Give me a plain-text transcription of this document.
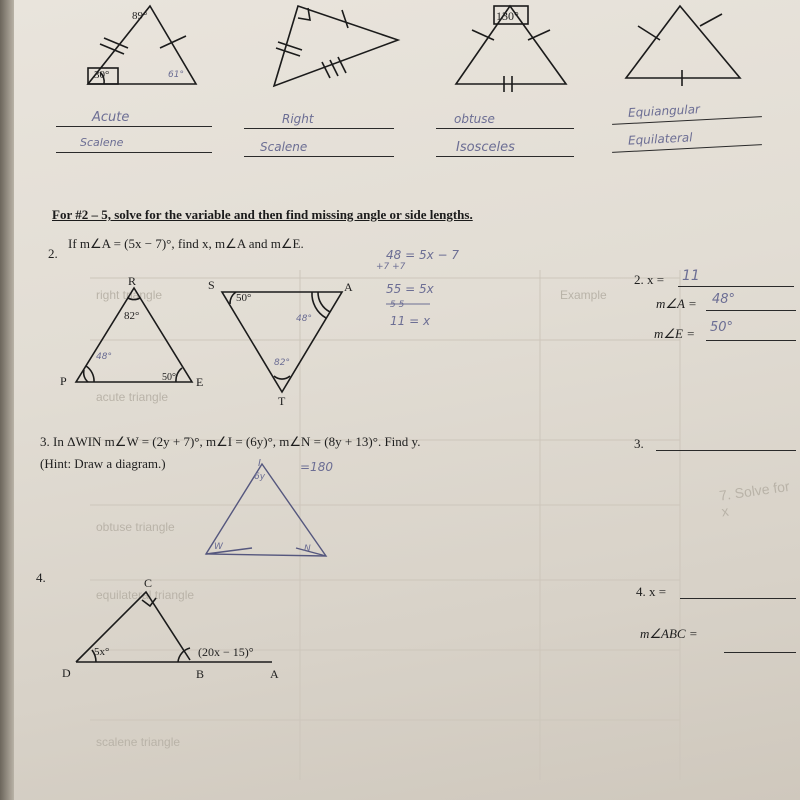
right triangle
acute triangle
obtuse triangle
equilateral triangle
scalene triangle
Example
7. Solve for x
89°
30°	61°
130°
Acute
Scalene
Right
Scalene
obtuse
Isosceles
Equiangular
Equilateral
For #2 – 5, solve for the variable and then find missing angle or side lengths.
2.
If m∠A = (5x − 7)°, find x, m∠A and m∠E.
R
P	E
82°
48°
50°
S	A
T
50°
48°
82°
48 = 5x − 7
+7 +7
55 = 5x
5 5
11 = x
2. x = 11
m∠A = 48°
m∠E = 50°
3. In ΔWIN m∠W = (2y + 7)°, m∠I = (6y)°, m∠N = (8y + 13)°. Find y.
(Hint: Draw a diagram.)	=180
I
6y
W	N
3.
4.	C
D	B	A
5x°	(20x − 15)°
4. x =
m∠ABC =
